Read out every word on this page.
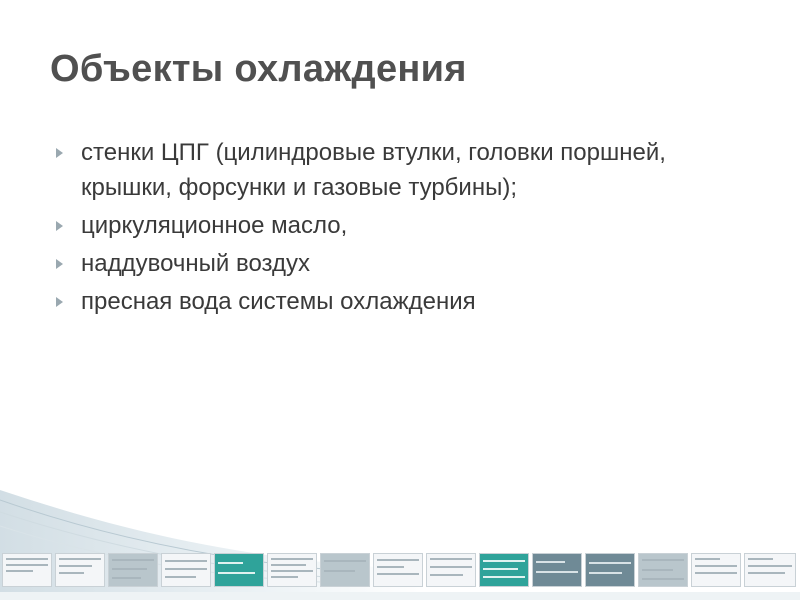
Объекты охлаждения
стенки ЦПГ (цилиндровые втулки, головки поршней, крышки, форсунки и газовые турбины);
циркуляционное масло,
наддувочный воздух
пресная вода системы охлаждения
